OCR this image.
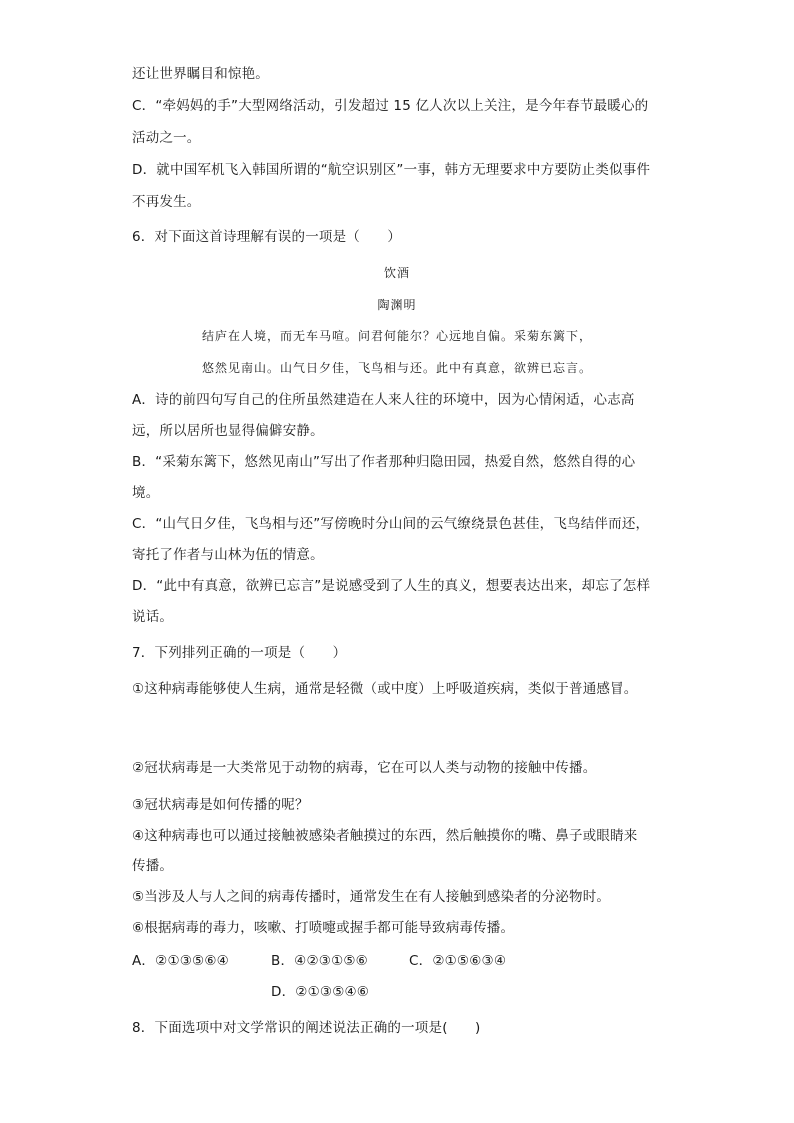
还让世界瞩目和惊艳。
C．“牵妈妈的手”大型网络活动，引发超过 15 亿人次以上关注，是今年春节最暖心的
活动之一。
D．就中国军机飞入韩国所谓的“航空识别区”一事，韩方无理要求中方要防止类似事件
不再发生。
6．对下面这首诗理解有误的一项是（　　）
饮酒
陶渊明
结庐在人境，而无车马喧。问君何能尔？心远地自偏。采菊东篱下，
悠然见南山。山气日夕佳，飞鸟相与还。此中有真意，欲辨已忘言。
A．诗的前四句写自己的住所虽然建造在人来人往的环境中，因为心情闲适，心志高
远，所以居所也显得偏僻安静。
B．“采菊东篱下，悠然见南山”写出了作者那种归隐田园，热爱自然，悠然自得的心
境。
C．“山气日夕佳，飞鸟相与还”写傍晚时分山间的云气缭绕景色甚佳，飞鸟结伴而还，
寄托了作者与山林为伍的情意。
D．“此中有真意，欲辨已忘言”是说感受到了人生的真义，想要表达出来，却忘了怎样
说话。
7．下列排列正确的一项是（　　）
①这种病毒能够使人生病，通常是轻微（或中度）上呼吸道疾病，类似于普通感冒。
②冠状病毒是一大类常见于动物的病毒，它在可以人类与动物的接触中传播。
③冠状病毒是如何传播的呢？
④这种病毒也可以通过接触被感染者触摸过的东西，然后触摸你的嘴、鼻子或眼睛来
传播。
⑤当涉及人与人之间的病毒传播时，通常发生在有人接触到感染者的分泌物时。
⑥根据病毒的毒力，咳嗽、打喷嚏或握手都可能导致病毒传播。
A．②①③⑤⑥④	B．④②③①⑤⑥	C．②①⑤⑥③④
D．②①③⑤④⑥
8．下面选项中对文学常识的阐述说法正确的一项是(　　)
